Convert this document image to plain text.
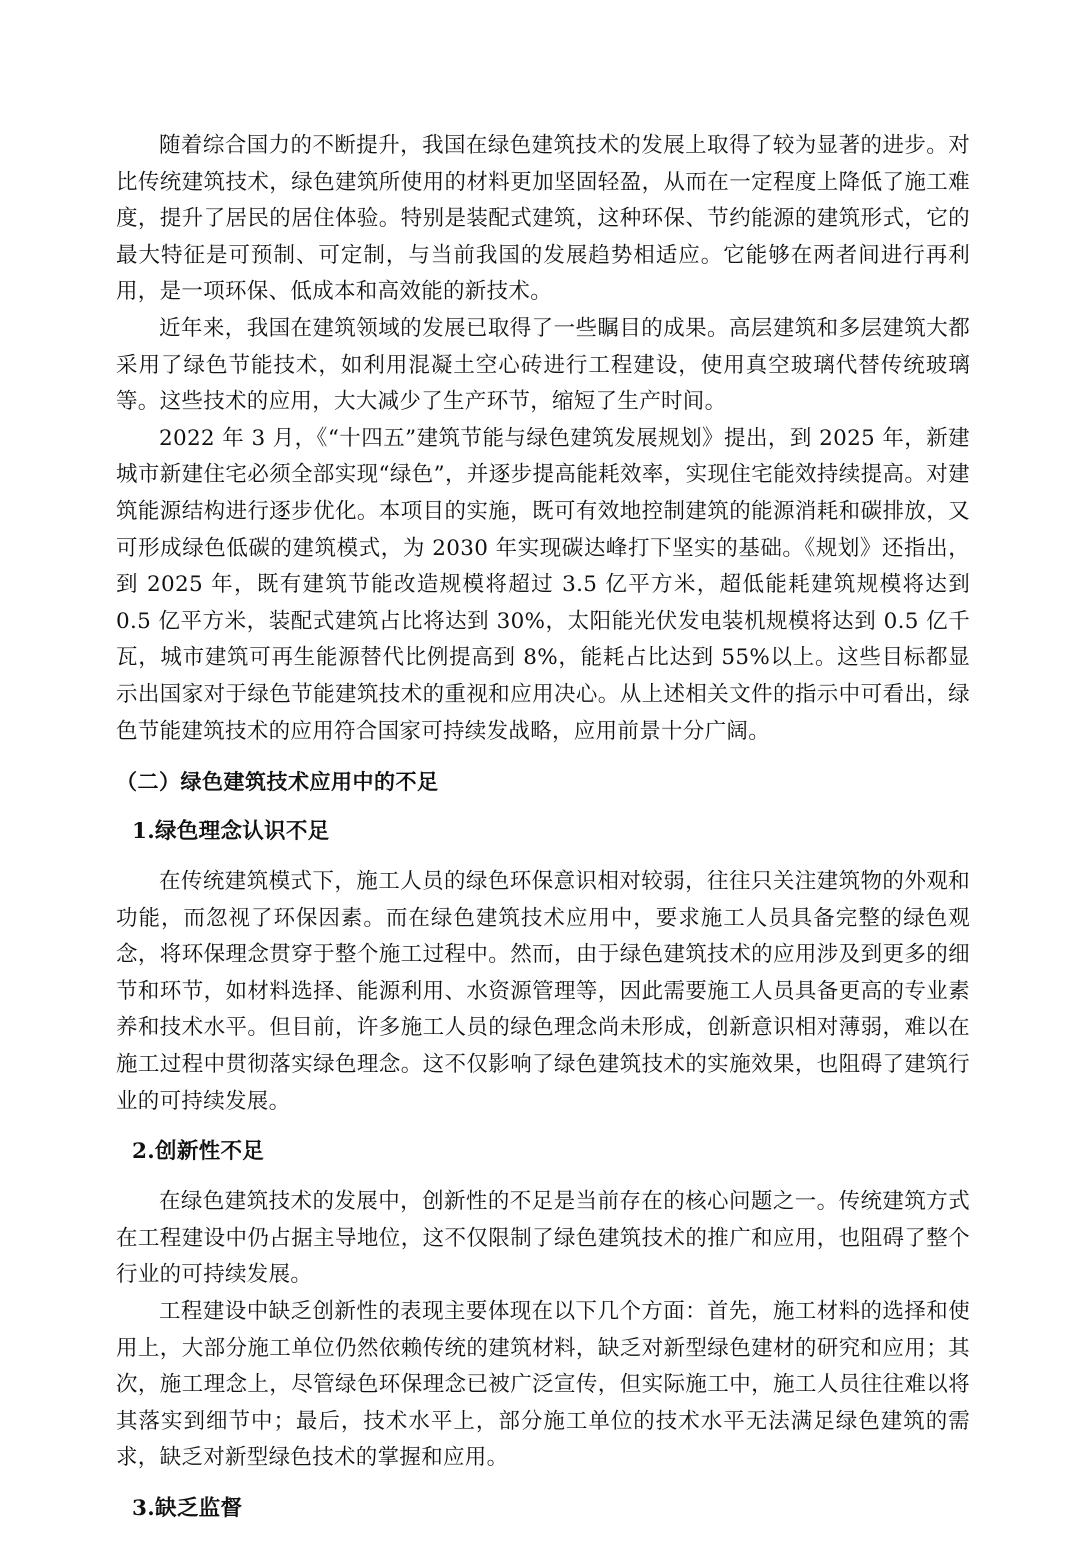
随着综合国力的不断提升，我国在绿色建筑技术的发展上取得了较为显著的进步。对比传统建筑技术，绿色建筑所使用的材料更加坚固轻盈，从而在一定程度上降低了施工难度，提升了居民的居住体验。特别是装配式建筑，这种环保、节约能源的建筑形式，它的最大特征是可预制、可定制，与当前我国的发展趋势相适应。它能够在两者间进行再利用，是一项环保、低成本和高效能的新技术。

近年来，我国在建筑领域的发展已取得了一些瞩目的成果。高层建筑和多层建筑大都采用了绿色节能技术，如利用混凝土空心砖进行工程建设，使用真空玻璃代替传统玻璃等。这些技术的应用，大大减少了生产环节，缩短了生产时间。

2022 年 3 月，《“十四五”建筑节能与绿色建筑发展规划》提出，到 2025 年，新建城市新建住宅必须全部实现“绿色”，并逐步提高能耗效率，实现住宅能效持续提高。对建筑能源结构进行逐步优化。本项目的实施，既可有效地控制建筑的能源消耗和碳排放，又可形成绿色低碳的建筑模式，为 2030 年实现碳达峰打下坚实的基础。《规划》还指出，到 2025 年，既有建筑节能改造规模将超过 3.5 亿平方米，超低能耗建筑规模将达到 0.5 亿平方米，装配式建筑占比将达到 30%，太阳能光伏发电装机规模将达到 0.5 亿千瓦，城市建筑可再生能源替代比例提高到 8%，能耗占比达到 55%以上。这些目标都显示出国家对于绿色节能建筑技术的重视和应用决心。从上述相关文件的指示中可看出，绿色节能建筑技术的应用符合国家可持续发战略，应用前景十分广阔。

（二）绿色建筑技术应用中的不足
1.绿色理念认识不足

在传统建筑模式下，施工人员的绿色环保意识相对较弱，往往只关注建筑物的外观和功能，而忽视了环保因素。而在绿色建筑技术应用中，要求施工人员具备完整的绿色观念，将环保理念贯穿于整个施工过程中。然而，由于绿色建筑技术的应用涉及到更多的细节和环节，如材料选择、能源利用、水资源管理等，因此需要施工人员具备更高的专业素养和技术水平。但目前，许多施工人员的绿色理念尚未形成，创新意识相对薄弱，难以在施工过程中贯彻落实绿色理念。这不仅影响了绿色建筑技术的实施效果，也阻碍了建筑行业的可持续发展。

2.创新性不足

在绿色建筑技术的发展中，创新性的不足是当前存在的核心问题之一。传统建筑方式在工程建设中仍占据主导地位，这不仅限制了绿色建筑技术的推广和应用，也阻碍了整个行业的可持续发展。

工程建设中缺乏创新性的表现主要体现在以下几个方面：首先，施工材料的选择和使用上，大部分施工单位仍然依赖传统的建筑材料，缺乏对新型绿色建材的研究和应用；其次，施工理念上，尽管绿色环保理念已被广泛宣传，但实际施工中，施工人员往往难以将其落实到细节中；最后，技术水平上，部分施工单位的技术水平无法满足绿色建筑的需求，缺乏对新型绿色技术的掌握和应用。

3.缺乏监督
